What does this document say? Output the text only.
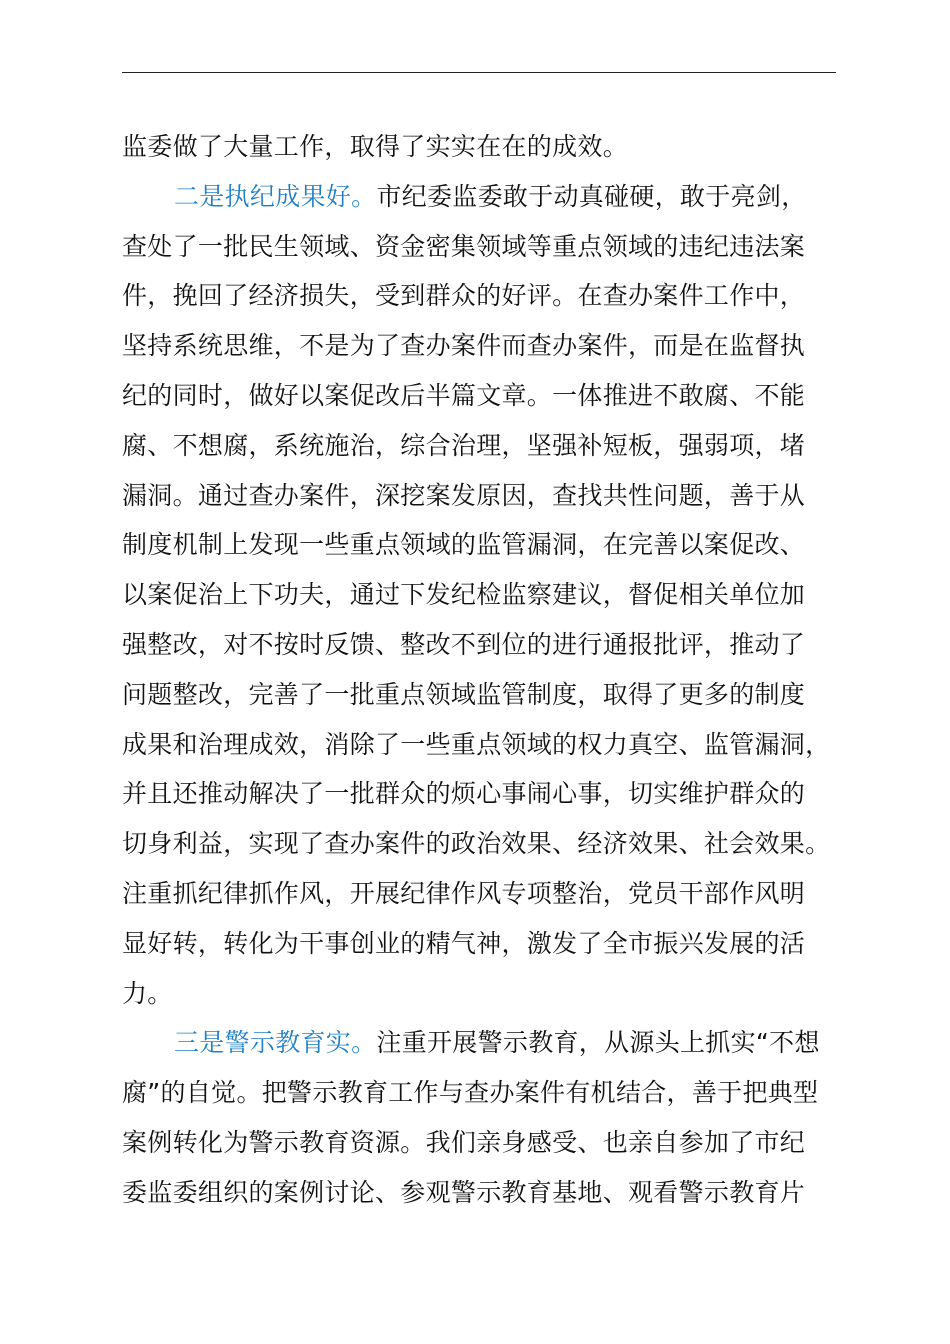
监委做了大量工作，取得了实实在在的成效。
二是执纪成果好。市纪委监委敢于动真碰硬，敢于亮剑，
查处了一批民生领域、资金密集领域等重点领域的违纪违法案
件，挽回了经济损失，受到群众的好评。在查办案件工作中，
坚持系统思维，不是为了查办案件而查办案件，而是在监督执
纪的同时，做好以案促改后半篇文章。一体推进不敢腐、不能
腐、不想腐，系统施治，综合治理，坚强补短板，强弱项，堵
漏洞。通过查办案件，深挖案发原因，查找共性问题，善于从
制度机制上发现一些重点领域的监管漏洞，在完善以案促改、
以案促治上下功夫，通过下发纪检监察建议，督促相关单位加
强整改，对不按时反馈、整改不到位的进行通报批评，推动了
问题整改，完善了一批重点领域监管制度，取得了更多的制度
成果和治理成效，消除了一些重点领域的权力真空、监管漏洞，
并且还推动解决了一批群众的烦心事闹心事，切实维护群众的
切身利益，实现了查办案件的政治效果、经济效果、社会效果。
注重抓纪律抓作风，开展纪律作风专项整治，党员干部作风明
显好转，转化为干事创业的精气神，激发了全市振兴发展的活
力。
三是警示教育实。注重开展警示教育，从源头上抓实“不想
腐”的自觉。把警示教育工作与查办案件有机结合，善于把典型
案例转化为警示教育资源。我们亲身感受、也亲自参加了市纪
委监委组织的案例讨论、参观警示教育基地、观看警示教育片
